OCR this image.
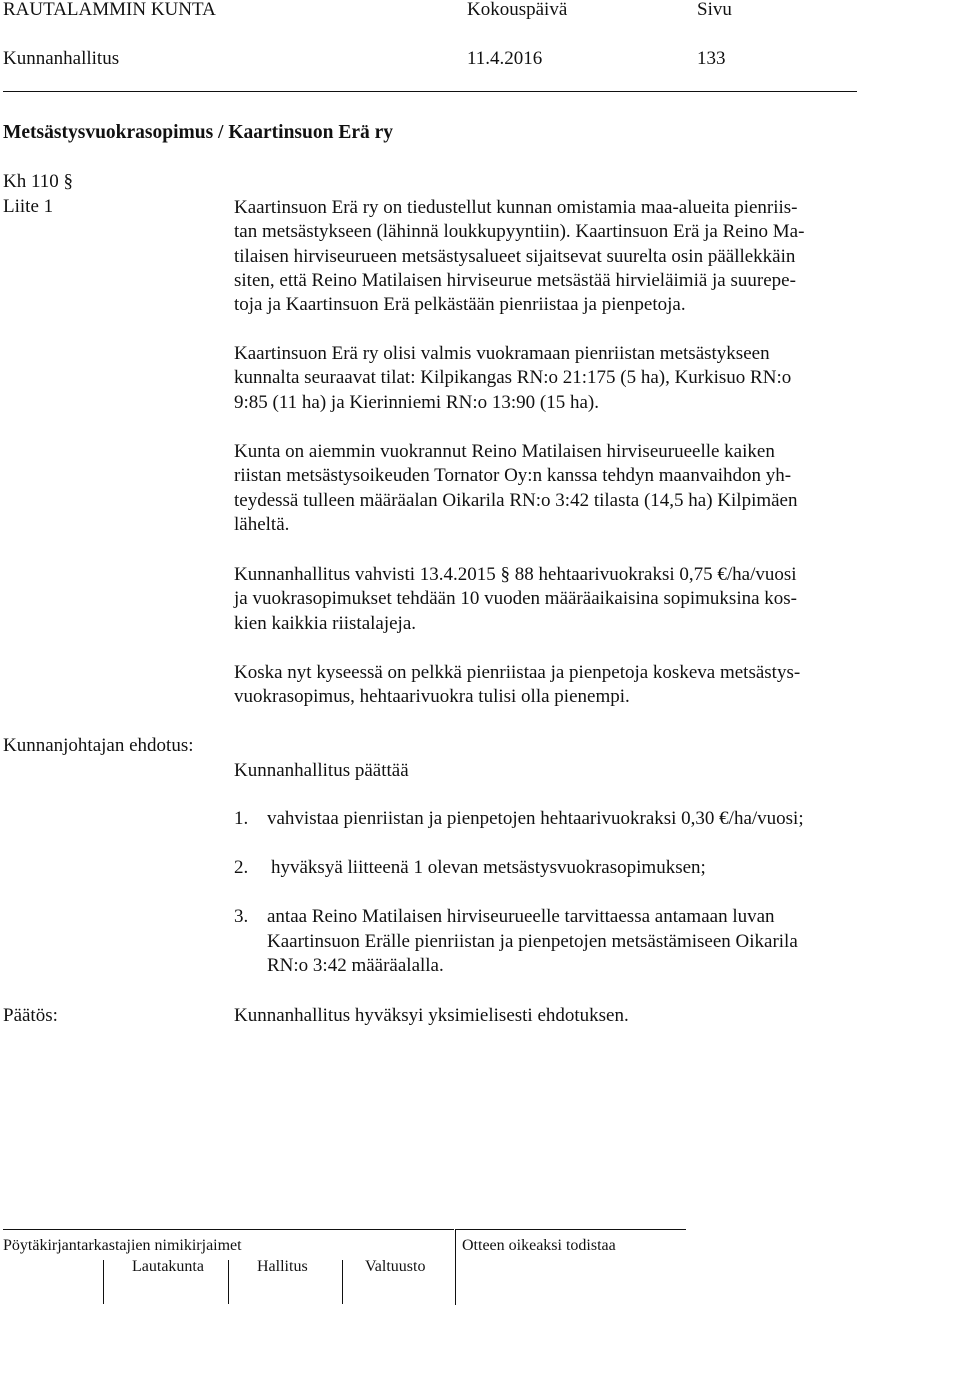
RAUTALAMMIN KUNTA	Kokouspäivä	Sivu
Kunnanhallitus	11.4.2016	133
Metsästysvuokrasopimus / Kaartinsuon Erä ry
Kh 110 §
Liite 1	Kaartinsuon Erä ry on tiedustellut kunnan omistamia maa-alueita pienriis-
tan metsästykseen (lähinnä loukkupyyntiin). Kaartinsuon Erä ja Reino Ma-
tilaisen hirviseurueen metsästysalueet sijaitsevat suurelta osin päällekkäin
siten, että Reino Matilaisen hirviseurue metsästää hirvieläimiä ja suurepe-
toja ja Kaartinsuon Erä pelkästään pienriistaa ja pienpetoja.
Kaartinsuon Erä ry olisi valmis vuokramaan pienriistan metsästykseen
kunnalta seuraavat tilat: Kilpikangas RN:o 21:175 (5 ha), Kurkisuo RN:o
9:85 (11 ha) ja Kierinniemi RN:o 13:90 (15 ha).
Kunta on aiemmin vuokrannut Reino Matilaisen hirviseurueelle kaiken
riistan metsästysoikeuden Tornator Oy:n kanssa tehdyn maanvaihdon yh-
teydessä tulleen määräalan Oikarila RN:o 3:42 tilasta (14,5 ha) Kilpimäen
läheltä.
Kunnanhallitus vahvisti 13.4.2015 § 88 hehtaarivuokraksi 0,75 €/ha/vuosi
ja vuokrasopimukset tehdään 10 vuoden määräaikaisina sopimuksina kos-
kien kaikkia riistalajeja.
Koska nyt kyseessä on pelkkä pienriistaa ja pienpetoja koskeva metsästys-
vuokrasopimus, hehtaarivuokra tulisi olla pienempi.
Kunnanjohtajan ehdotus:
Kunnanhallitus päättää
1. vahvistaa pienriistan ja pienpetojen hehtaarivuokraksi 0,30 €/ha/vuosi;
2. hyväksyä liitteenä 1 olevan metsästysvuokrasopimuksen;
3. antaa Reino Matilaisen hirviseurueelle tarvittaessa antamaan luvan
Kaartinsuon Erälle pienriistan ja pienpetojen metsästämiseen Oikarila
RN:o 3:42 määräalalla.
Päätös:	Kunnanhallitus hyväksyi yksimielisesti ehdotuksen.
Pöytäkirjantarkastajien nimikirjaimet
Lautakunta	Hallitus	Valtuusto
Otteen oikeaksi todistaa
